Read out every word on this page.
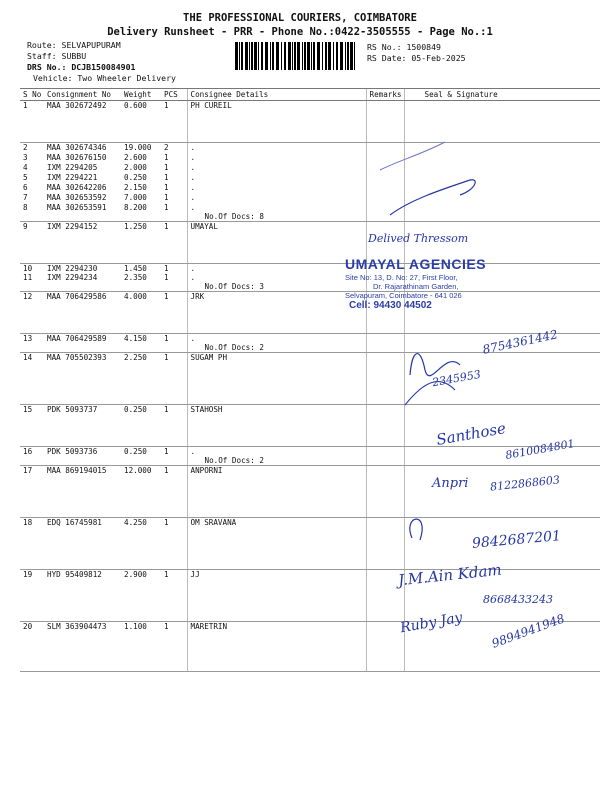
THE PROFESSIONAL COURIERS, COIMBATORE
Delivery Runsheet - PRR - Phone No.:0422-3505555 - Page No.:1
Route: SELVAPUPURAM
Staff: SUBBU
DRS No.: DCJB150084901
Vehicle: Two Wheeler Delivery
RS No.: 1500849
RS Date: 05-Feb-2025
S No	Consignment No	Weight	PCS	Consignee Details	Remarks	Seal & Signature
1	MAA 302672492	0.600	1	PH CUREIL		
2	MAA 302674346	19.000	2	.		
3	MAA 302676150	2.600	1	.		
4	IXM 2294205	2.000	1	.		
5	IXM 2294221	0.250	1	.		
6	MAA 302642206	2.150	1	.		
7	MAA 302653592	7.000	1	.		
8	MAA 302653591	8.200	1	.
No.Of Docs: 8		

9	IXM 2294152	1.250	1	UMAYAL		
10	IXM 2294230	1.450	1	.		
11	IXM 2294234	2.350	1	.
No.Of Docs: 3		

12	MAA 706429586	4.000	1	JRK		
13	MAA 706429589	4.150	1	.
No.Of Docs: 2		

14	MAA 705502393	2.250	1	SUGAM PH		
15	PDK 5093737	0.250	1	STAHOSH		
16	PDK 5093736	0.250	1	.
No.Of Docs: 2		

17	MAA 869194015	12.000	1	ANPORNI		
18	EDQ 16745981	4.250	1	OM SRAVANA		
19	HYD 95409812	2.900	1	JJ		
20	SLM 363904473	1.100	1	MARETRIN		
UMAYAL AGENCIES
Site No: 13, D. No: 27, First Floor,
Dr. Rajarathinam Garden,
Selvapuram, Coimbatore - 641 026
Cell: 94430 44502
Delived Thressom
8754361442
2345953
Santhose
8610084801
Anpri 8122868603
9842687201
J.M.Ain Kdam
8668433243
Ruby Jay 9894941948
